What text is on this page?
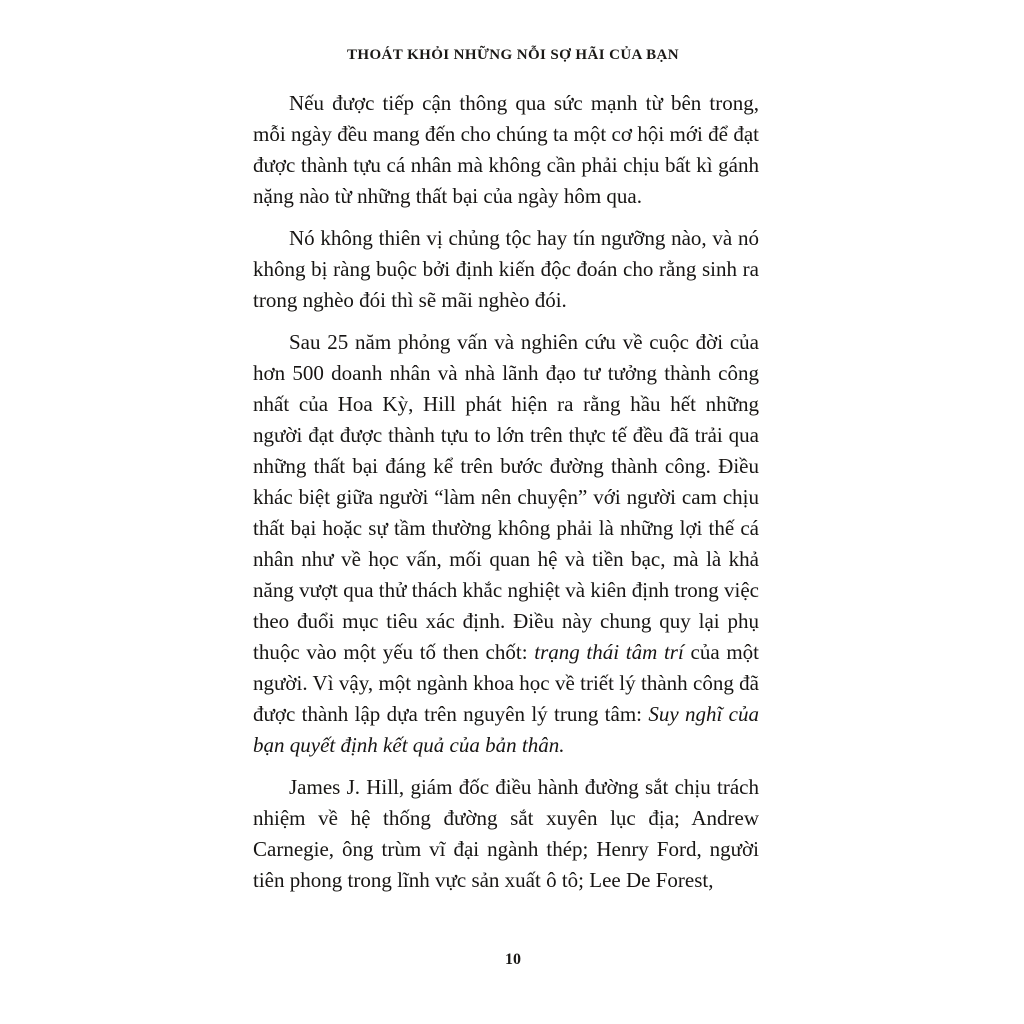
THOÁT KHỎI NHỮNG NỖI SỢ HÃI CỦA BẠN

Nếu được tiếp cận thông qua sức mạnh từ bên trong, mỗi ngày đều mang đến cho chúng ta một cơ hội mới để đạt được thành tựu cá nhân mà không cần phải chịu bất kì gánh nặng nào từ những thất bại của ngày hôm qua.

Nó không thiên vị chủng tộc hay tín ngưỡng nào, và nó không bị ràng buộc bởi định kiến độc đoán cho rằng sinh ra trong nghèo đói thì sẽ mãi nghèo đói.

Sau 25 năm phỏng vấn và nghiên cứu về cuộc đời của hơn 500 doanh nhân và nhà lãnh đạo tư tưởng thành công nhất của Hoa Kỳ, Hill phát hiện ra rằng hầu hết những người đạt được thành tựu to lớn trên thực tế đều đã trải qua những thất bại đáng kể trên bước đường thành công. Điều khác biệt giữa người “làm nên chuyện” với người cam chịu thất bại hoặc sự tầm thường không phải là những lợi thế cá nhân như về học vấn, mối quan hệ và tiền bạc, mà là khả năng vượt qua thử thách khắc nghiệt và kiên định trong việc theo đuổi mục tiêu xác định. Điều này chung quy lại phụ thuộc vào một yếu tố then chốt: trạng thái tâm trí của một người. Vì vậy, một ngành khoa học về triết lý thành công đã được thành lập dựa trên nguyên lý trung tâm: Suy nghĩ của bạn quyết định kết quả của bản thân.

James J. Hill, giám đốc điều hành đường sắt chịu trách nhiệm về hệ thống đường sắt xuyên lục địa; Andrew Carnegie, ông trùm vĩ đại ngành thép; Henry Ford, người tiên phong trong lĩnh vực sản xuất ô tô; Lee De Forest,

10
